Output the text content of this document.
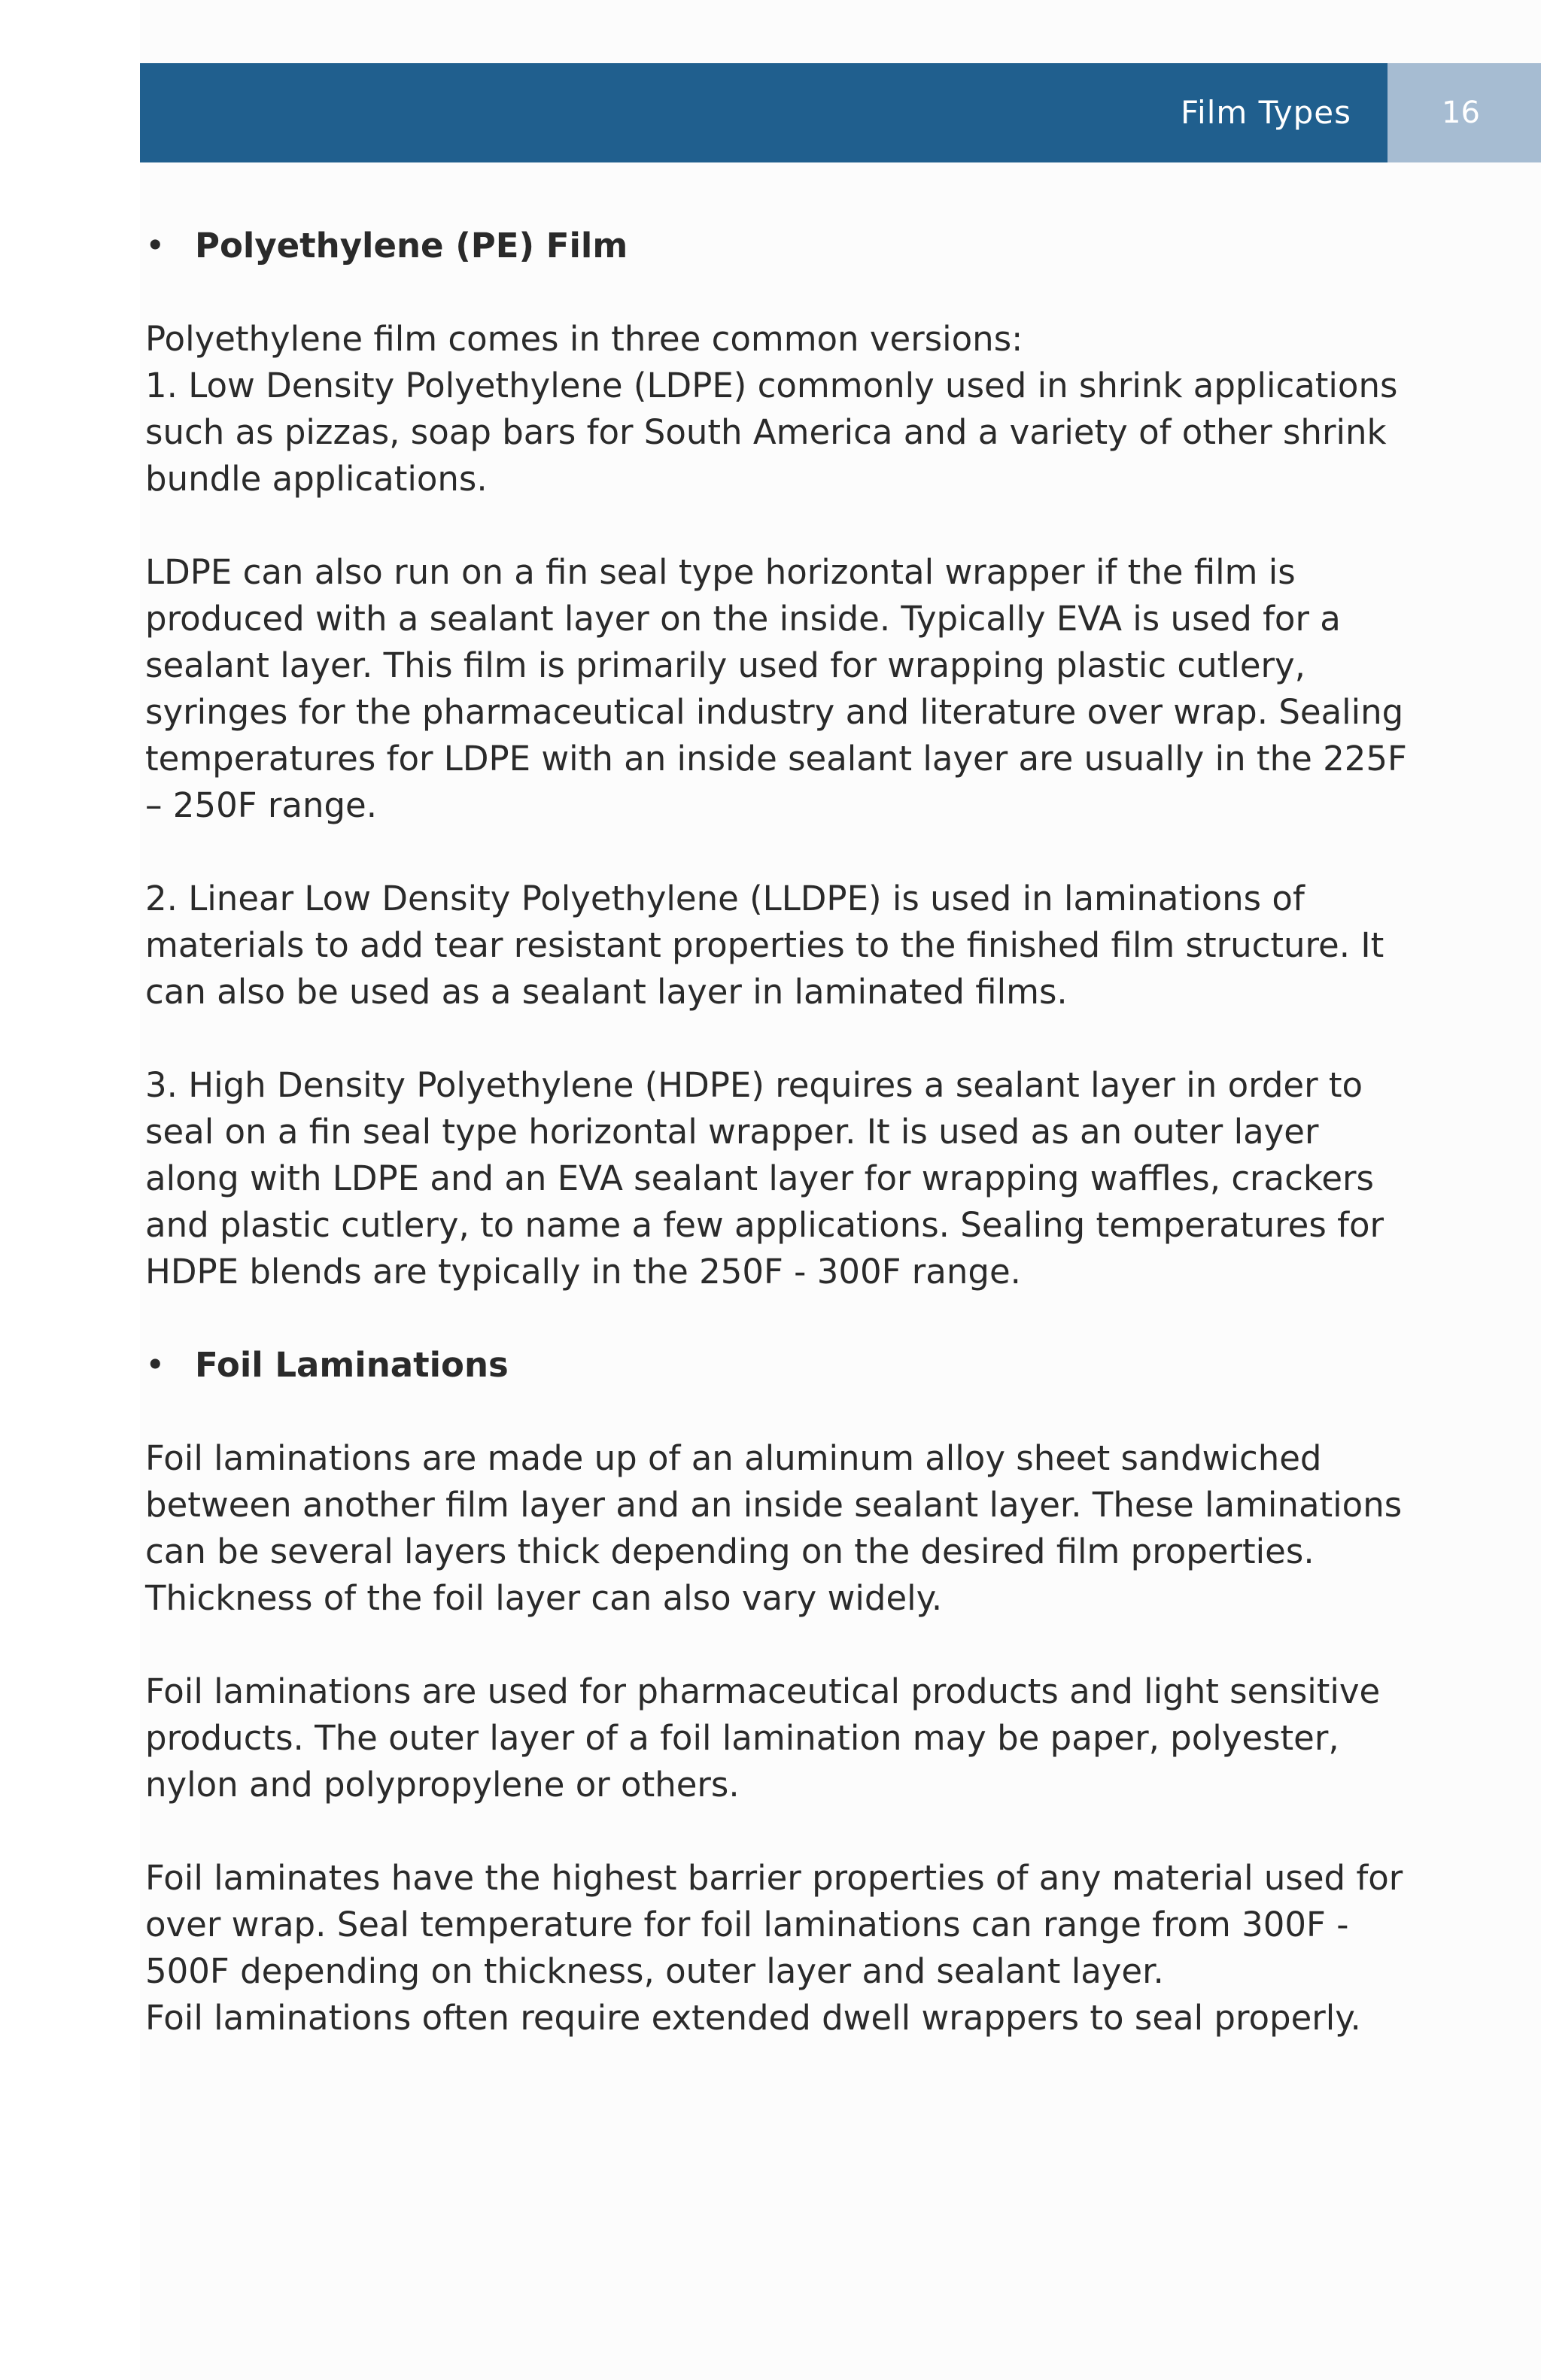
Film Types	16
• Polyethylene (PE) Film

Polyethylene film comes in three common versions:

1. Low Density Polyethylene (LDPE) commonly used in shrink applications such as pizzas, soap bars for South America and a variety of other shrink bundle applications.

LDPE can also run on a fin seal type horizontal wrapper if the film is produced with a sealant layer on the inside. Typically EVA is used for a sealant layer. This film is primarily used for wrapping plastic cutlery, syringes for the pharmaceutical industry and literature over wrap. Sealing temperatures for LDPE with an inside sealant layer are usually in the 225F – 250F range.

2. Linear Low Density Polyethylene (LLDPE) is used in laminations of materials to add tear resistant properties to the finished film structure. It can also be used as a sealant layer in laminated films.

3. High Density Polyethylene (HDPE) requires a sealant layer in order to seal on a fin seal type horizontal wrapper. It is used as an outer layer along with LDPE and an EVA sealant layer for wrapping waffles, crackers and plastic cutlery, to name a few applications. Sealing temperatures for HDPE blends are typically in the 250F - 300F range.

• Foil Laminations

Foil laminations are made up of an aluminum alloy sheet sandwiched between another film layer and an inside sealant layer. These laminations can be several layers thick depending on the desired film properties. Thickness of the foil layer can also vary widely.

Foil laminations are used for pharmaceutical products and light sensitive products. The outer layer of a foil lamination may be paper, polyester, nylon and polypropylene or others.

Foil laminates have the highest barrier properties of any material used for over wrap. Seal temperature for foil laminations can range from 300F - 500F depending on thickness, outer layer and sealant layer.

Foil laminations often require extended dwell wrappers to seal properly.
